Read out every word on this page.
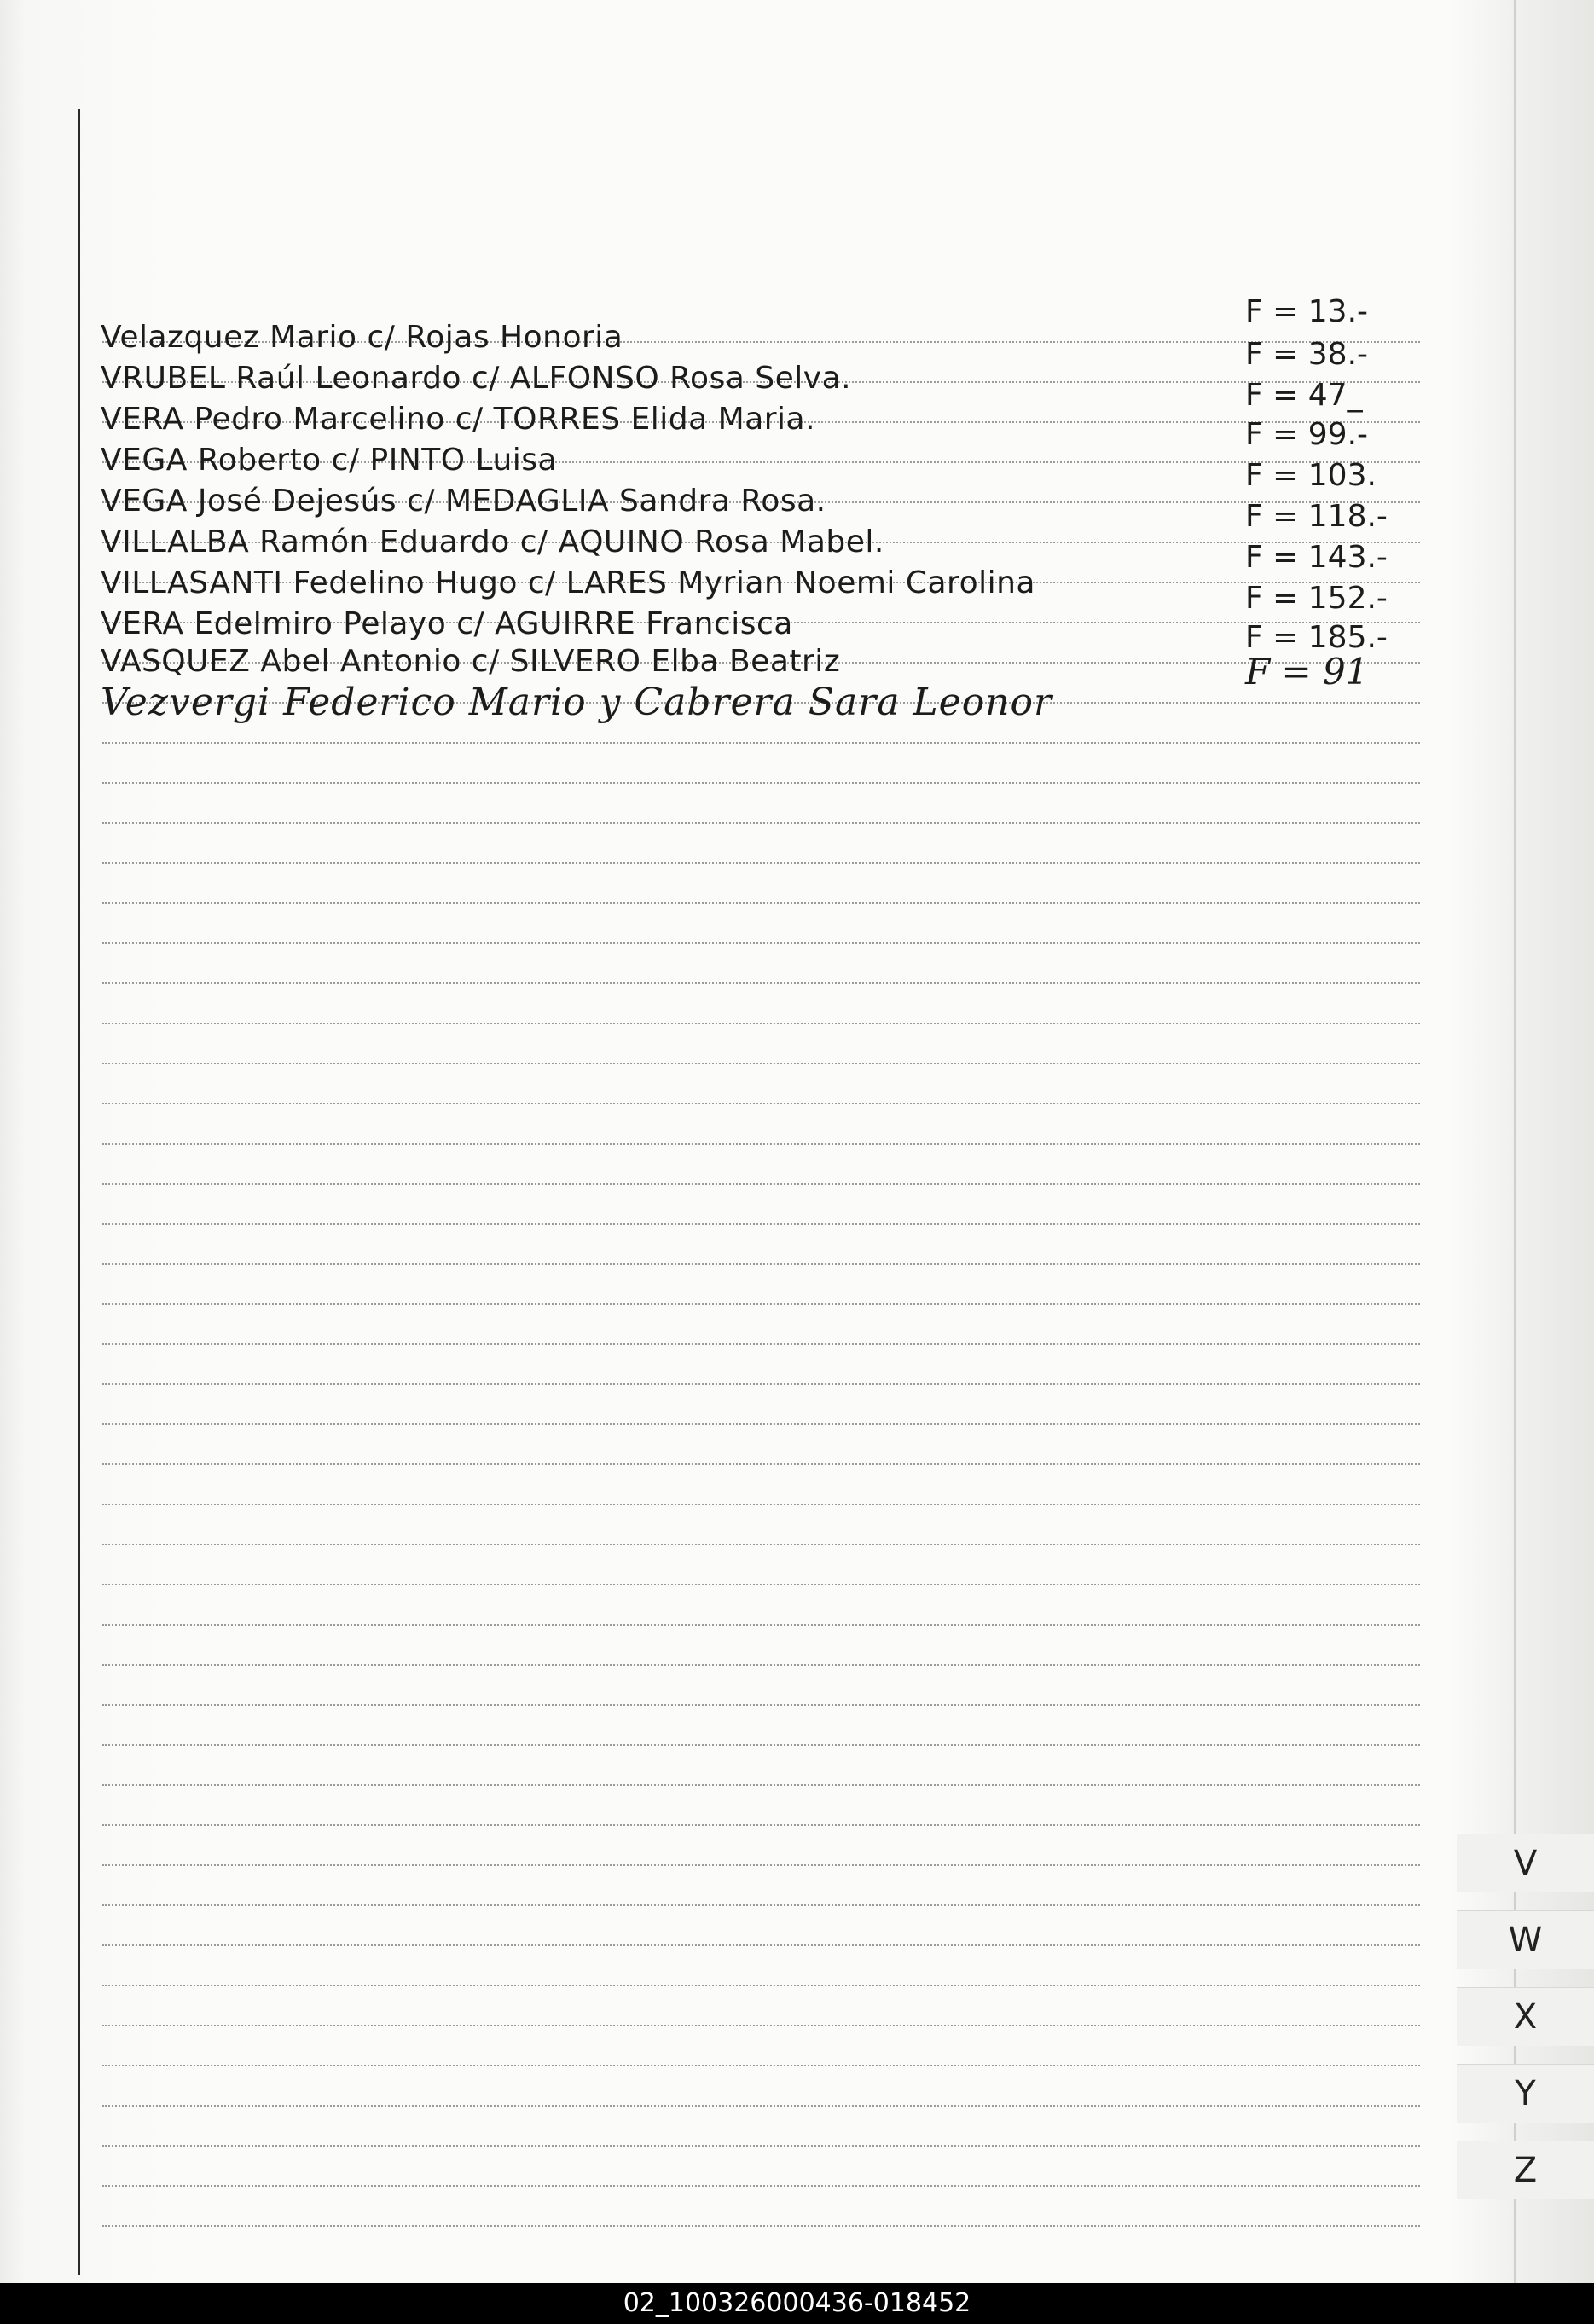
Velazquez Mario c/ Rojas Honoria
F = 13.-
VRUBEL Raúl Leonardo c/ ALFONSO Rosa Selva.
F = 38.-
VERA Pedro Marcelino c/ TORRES Elida Maria.
F = 47_
VEGA Roberto c/ PINTO Luisa
F = 99.-
VEGA José Dejesús c/ MEDAGLIA Sandra Rosa.
F = 103.
VILLALBA Ramón Eduardo c/ AQUINO Rosa Mabel.
F = 118.-
VILLASANTI Fedelino Hugo c/ LARES Myrian Noemi Carolina
F = 143.-
VERA Edelmiro Pelayo c/ AGUIRRE Francisca
F = 152.-
VASQUEZ Abel Antonio c/ SILVERO Elba Beatriz
F = 185.-
Vezvergi Federico Mario y Cabrera Sara Leonor
F = 91
V
W
X
Y
Z
02_100326000436-018452
